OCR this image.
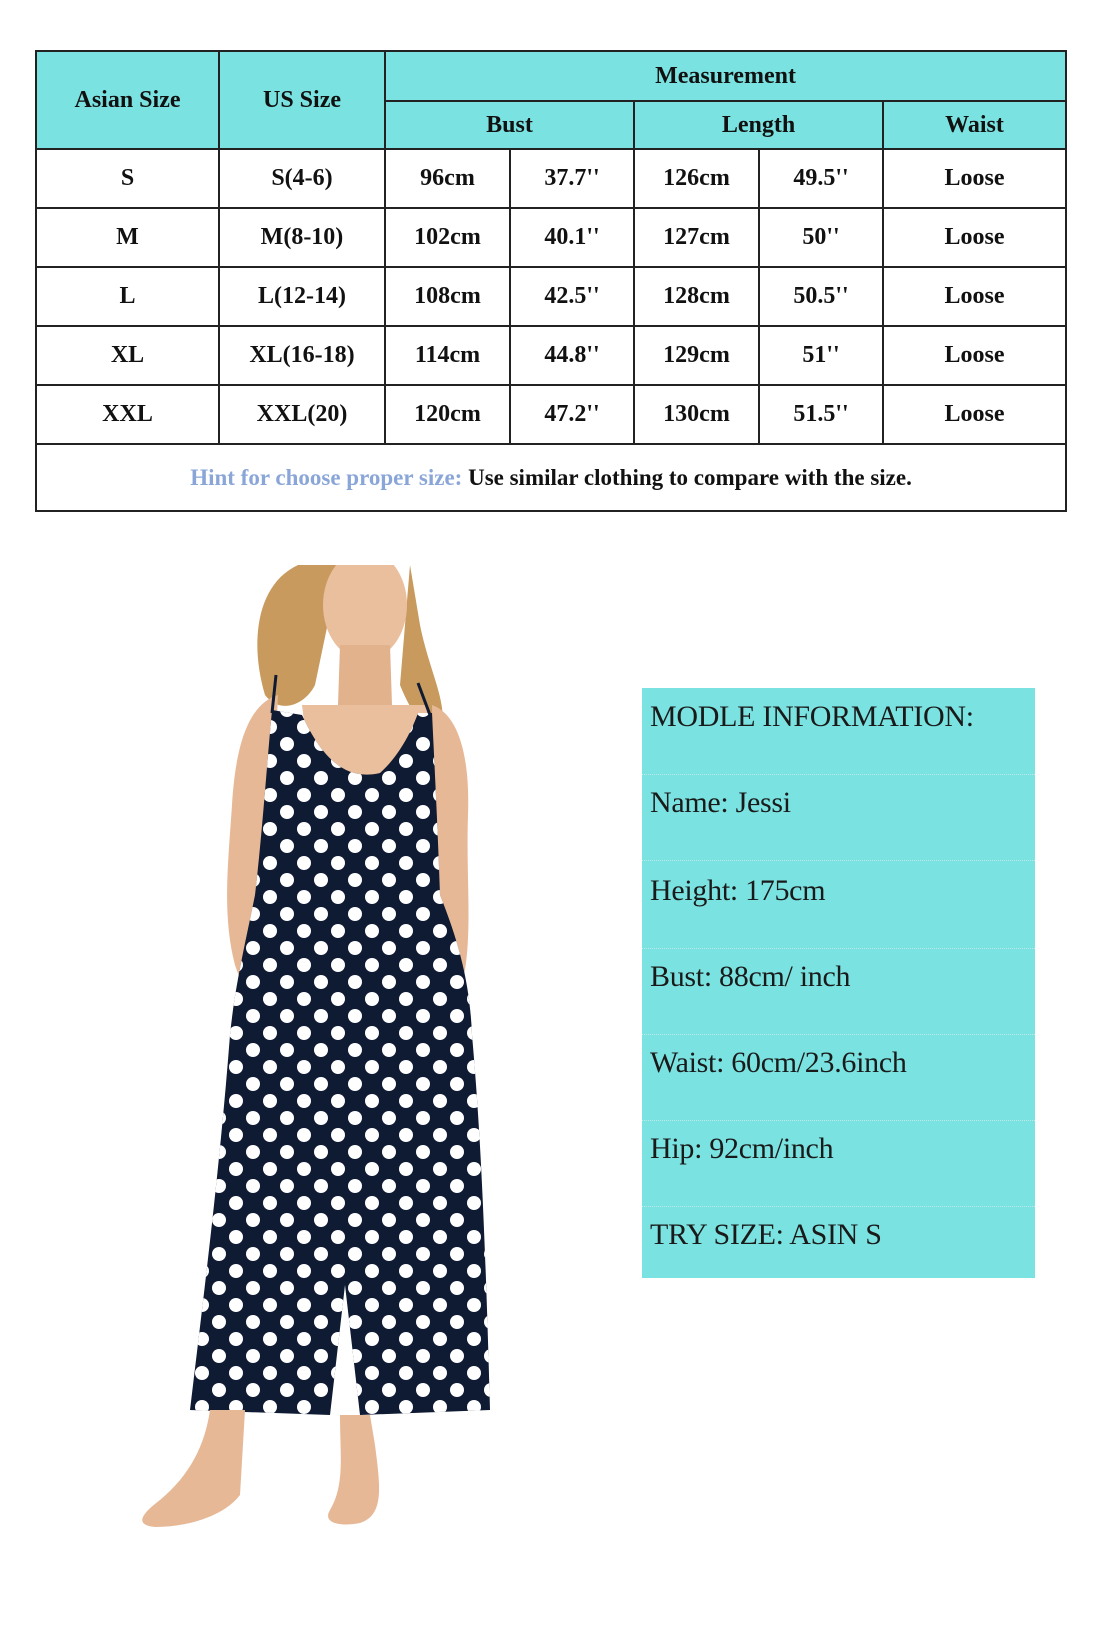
Asian Size	US Size	Measurement				
		Bust		Length		Waist
S	S(4-6)	96cm	37.7''	126cm	49.5''	Loose
M	M(8-10)	102cm	40.1''	127cm	50''	Loose
L	L(12-14)	108cm	42.5''	128cm	50.5''	Loose
XL	XL(16-18)	114cm	44.8''	129cm	51''	Loose
XXL	XXL(20)	120cm	47.2''	130cm	51.5''	Loose
Hint for choose proper size: Use similar clothing to compare with the size.						

MODLE INFORMATION:

Name: Jessi

Height: 175cm

Bust: 88cm/ inch

Waist: 60cm/23.6inch

Hip: 92cm/inch

TRY SIZE: ASIN S
